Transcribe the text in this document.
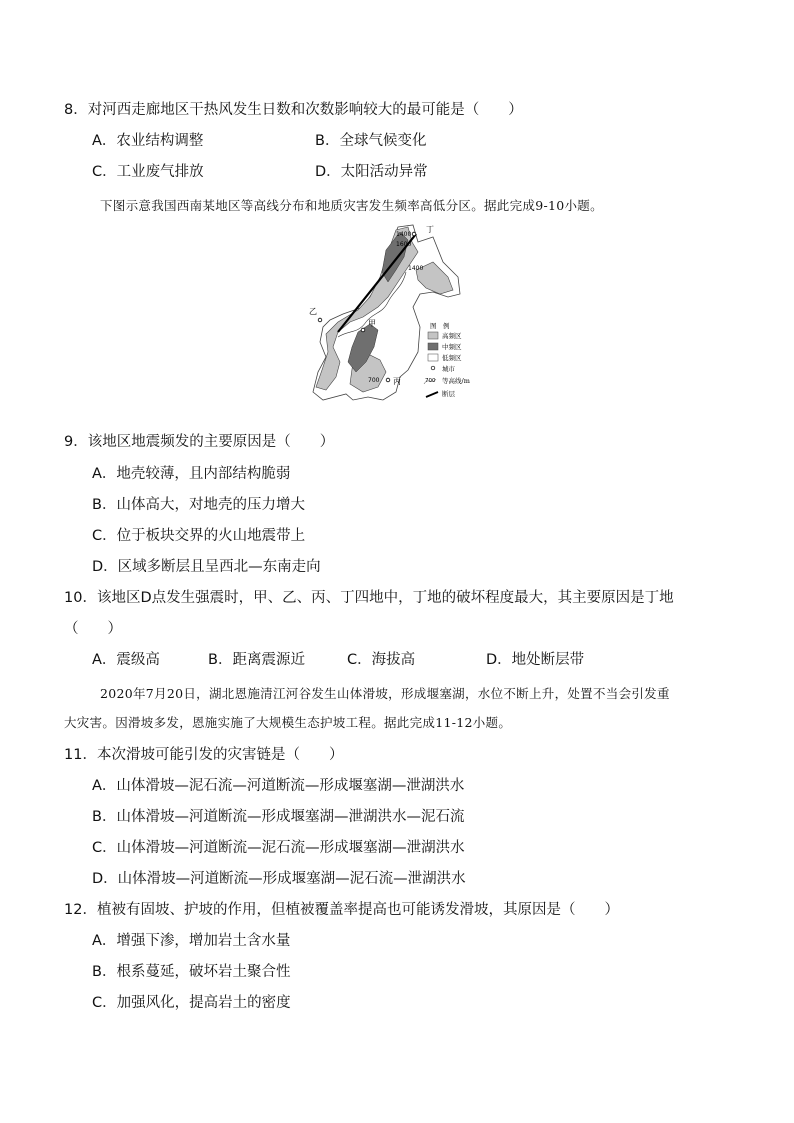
8．对河西走廊地区干热风发生日数和次数影响较大的最可能是（　　）
A．农业结构调整	B．全球气候变化
C．工业废气排放	D．太阳活动异常
下图示意我国西南某地区等高线分布和地质灾害发生频率高低分区。据此完成9-10小题。
丁
1400
1600
1400
乙
甲
丙
700
图　例
高频区
中频区
低频区
城市
700 等高线/m
断层
9．该地区地震频发的主要原因是（　　）
A．地壳较薄，且内部结构脆弱
B．山体高大，对地壳的压力增大
C．位于板块交界的火山地震带上
D．区域多断层且呈西北—东南走向
10．该地区D点发生强震时，甲、乙、丙、丁四地中，丁地的破坏程度最大，其主要原因是丁地
（　　）
A．震级高	B．距离震源近	C．海拔高	D．地处断层带
2020年7月20日，湖北恩施清江河谷发生山体滑坡，形成堰塞湖，水位不断上升，处置不当会引发重
大灾害。因滑坡多发，恩施实施了大规模生态护坡工程。据此完成11-12小题。
11．本次滑坡可能引发的灾害链是（　　）
A．山体滑坡—泥石流—河道断流—形成堰塞湖—泄湖洪水
B．山体滑坡—河道断流—形成堰塞湖—泄湖洪水—泥石流
C．山体滑坡—河道断流—泥石流—形成堰塞湖—泄湖洪水
D．山体滑坡—河道断流—形成堰塞湖—泥石流—泄湖洪水
12．植被有固坡、护坡的作用，但植被覆盖率提高也可能诱发滑坡，其原因是（　　）
A．增强下渗，增加岩土含水量
B．根系蔓延，破坏岩土聚合性
C．加强风化，提高岩土的密度
